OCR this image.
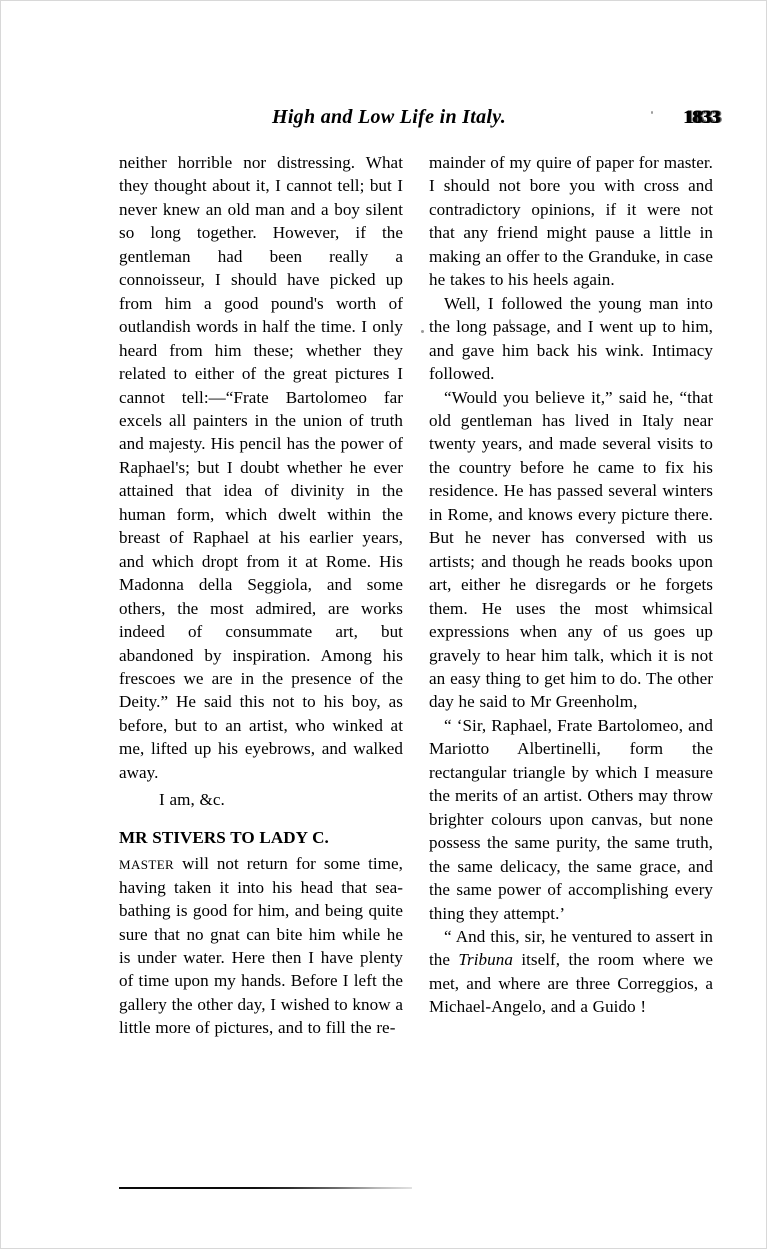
High and Low Life in Italy.	1833

neither horrible nor distressing. What they thought about it, I cannot tell; but I never knew an old man and a boy silent so long together. However, if the gentleman had been really a connoisseur, I should have picked up from him a good pound's worth of outlandish words in half the time. I only heard from him these; whether they related to either of the great pictures I cannot tell:—“Frate Bartolomeo far excels all painters in the union of truth and majesty. His pencil has the power of Raphael's; but I doubt whether he ever attained that idea of divinity in the human form, which dwelt within the breast of Raphael at his earlier years, and which dropt from it at Rome. His Madonna della Seggiola, and some others, the most admired, are works indeed of consummate art, but abandoned by inspiration. Among his frescoes we are in the presence of the Deity.” He said this not to his boy, as before, but to an artist, who winked at me, lifted up his eyebrows, and walked away.

I am, &c.

MR STIVERS TO LADY C.

master will not return for some time, having taken it into his head that sea-bathing is good for him, and being quite sure that no gnat can bite him while he is under water. Here then I have plenty of time upon my hands. Before I left the gallery the other day, I wished to know a little more of pictures, and to fill the re-

mainder of my quire of paper for master. I should not bore you with cross and contradictory opinions, if it were not that any friend might pause a little in making an offer to the Granduke, in case he takes to his heels again.

Well, I followed the young man into the long passage, and I went up to him, and gave him back his wink. Intimacy followed.

“Would you believe it,” said he, “that old gentleman has lived in Italy near twenty years, and made several visits to the country before he came to fix his residence. He has passed several winters in Rome, and knows every picture there. But he never has conversed with us artists; and though he reads books upon art, either he disregards or he forgets them. He uses the most whimsical expressions when any of us goes up gravely to hear him talk, which it is not an easy thing to get him to do. The other day he said to Mr Greenholm,

“ ‘Sir, Raphael, Frate Bartolomeo, and Mariotto Albertinelli, form the rectangular triangle by which I measure the merits of an artist. Others may throw brighter colours upon canvas, but none possess the same purity, the same truth, the same delicacy, the same grace, and the same power of accomplishing every thing they attempt.’

“ And this, sir, he ventured to assert in the Tribuna itself, the room where we met, and where are three Correggios, a Michael-Angelo, and a Guido !
